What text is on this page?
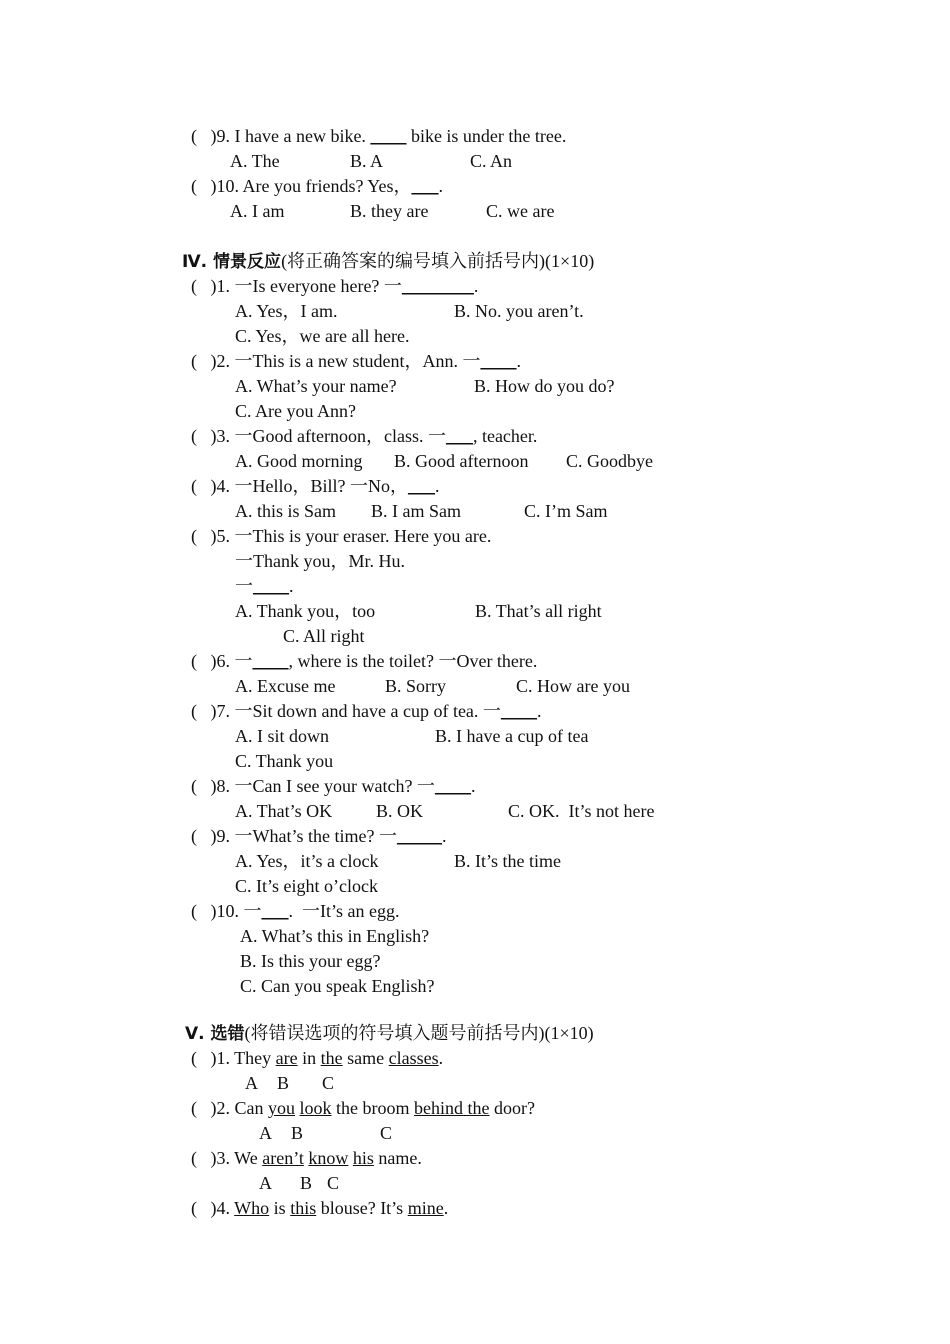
( )9. I have a new bike. ____ bike is under the tree.
A. The	B. A	C. An
( )10. Are you friends? Yes，___.
A. I am	B. they are	C. we are
Ⅳ. 情景反应(将正确答案的编号填入前括号内)(1×10)
(   )1. 一Is everyone here? 一________.
A. Yes，I am.	B. No. you aren’t.
C. Yes，we are all here.
(   )2. 一This is a new student，Ann. 一____.
A. What’s your name?	B. How do you do?
C. Are you Ann?
(   )3. 一Good afternoon，class. 一___, teacher.
A. Good morning B. Good afternoon C. Goodbye
(   )4. 一Hello，Bill? 一No，___.
A. this is Sam B. I am Sam	C. I’m Sam
(   )5. 一This is your eraser. Here you are.
一Thank you，Mr. Hu.
一____.
A. Thank you，too	B. That’s all right
C. All right
(   )6. 一____, where is the toilet? 一Over there.
A. Excuse me	B. Sorry	C. How are you
(   )7. 一Sit down and have a cup of tea. 一____.
A. I sit down	B. I have a cup of tea
C. Thank you
(   )8. 一Can I see your watch? 一____.
A. That’s OK B. OK	C. OK.  It’s not here
(   )9. 一What’s the time? 一_____.
A. Yes，it’s a clock	B. It’s the time
C. It’s eight o’clock
(   )10. 一___.  一It’s an egg.
A. What’s this in English?
B. Is this your egg?
C. Can you speak English?
Ⅴ. 选错(将错误选项的符号填入题号前括号内)(1×10)
(   )1. They are in the same classes.
A B C
(   )2. Can you look the broom behind the door?
A B	C
(   )3. We aren’t know his name.
A B C
(   )4. Who is this blouse? It’s mine.
